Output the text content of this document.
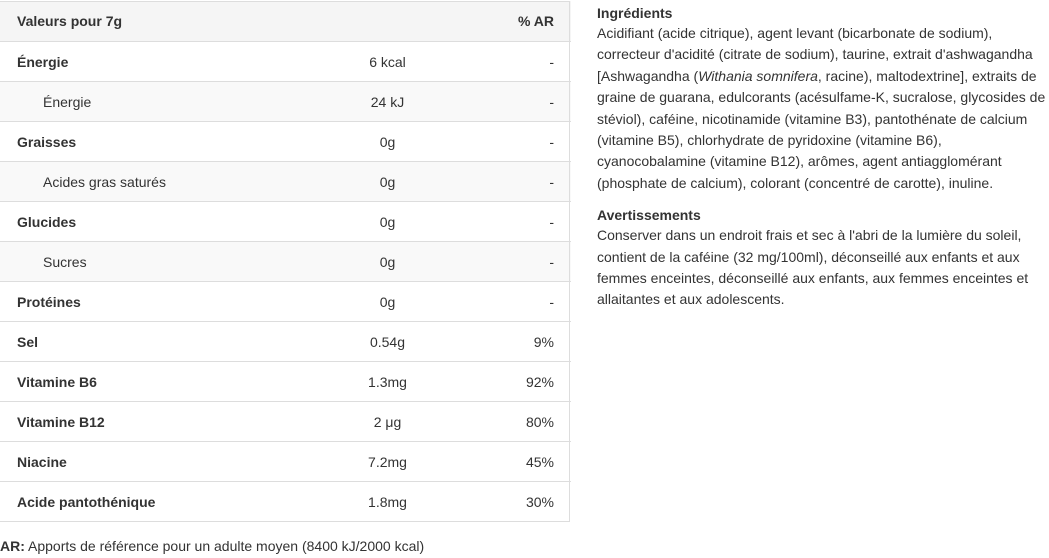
Valeurs pour 7g		% AR
Énergie	6 kcal	-
Énergie	24 kJ	-
Graisses	0g	-
Acides gras saturés	0g	-
Glucides	0g	-
Sucres	0g	-
Protéines	0g	-
Sel	0.54g	9%
Vitamine B6	1.3mg	92%
Vitamine B12	2 μg	80%
Niacine	7.2mg	45%
Acide pantothénique	1.8mg	30%
AR: Apports de référence pour un adulte moyen (8400 kJ/2000 kcal)
Ingrédients

Acidifiant (acide citrique), agent levant (bicarbonate de sodium), correcteur d'acidité (citrate de sodium), taurine, extrait d'ashwagandha [Ashwagandha (Withania somnifera, racine), maltodextrine], extraits de graine de guarana, edulcorants (acésulfame-K, sucralose, glycosides de stéviol), caféine, nicotinamide (vitamine B3), pantothénate de calcium (vitamine B5), chlorhydrate de pyridoxine (vitamine B6), cyanocobalamine (vitamine B12), arômes, agent antiagglomérant (phosphate de calcium), colorant (concentré de carotte), inuline.

Avertissements

Conserver dans un endroit frais et sec à l'abri de la lumière du soleil, contient de la caféine (32 mg/100ml), déconseillé aux enfants et aux femmes enceintes, déconseillé aux enfants, aux femmes enceintes et allaitantes et aux adolescents.
